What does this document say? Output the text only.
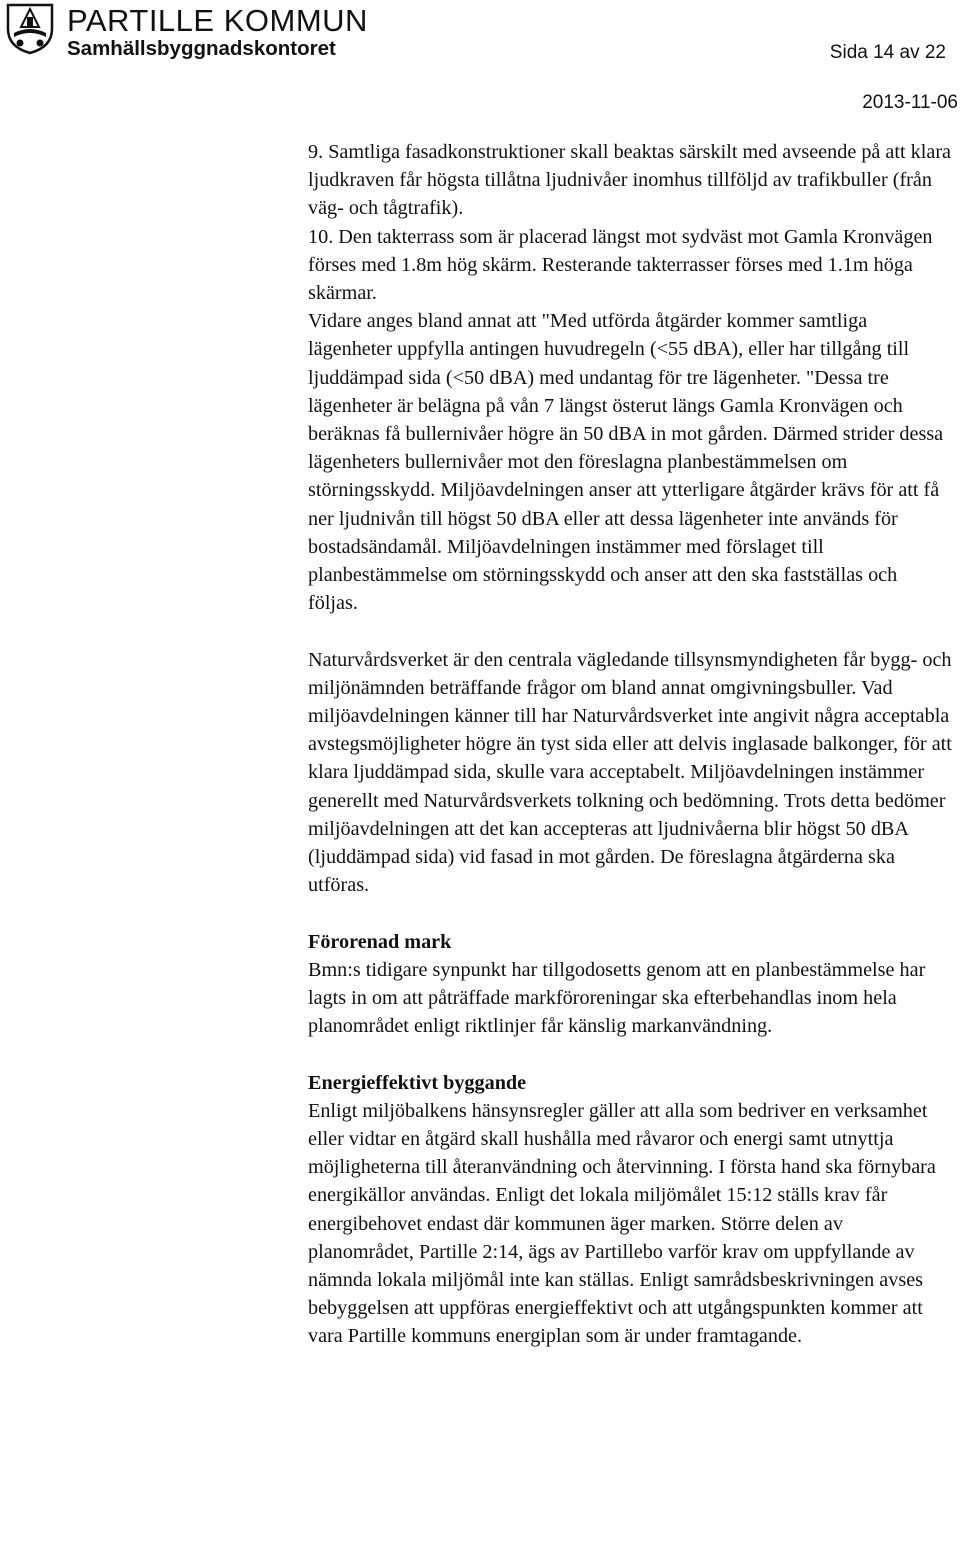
PARTILLE KOMMUN
Samhällsbyggnadskontoret	Sida 14 av 22
2013-11-06

9. Samtliga fasadkonstruktioner skall beaktas särskilt med avseende på att klara ljudkraven får högsta tillåtna ljudnivåer inomhus tillföljd av trafikbuller (från väg- och tågtrafik).

10. Den takterrass som är placerad längst mot sydväst mot Gamla Kronvägen förses med 1.8m hög skärm. Resterande takterrasser förses med 1.1m höga skärmar.

Vidare anges bland annat att "Med utförda åtgärder kommer samtliga lägenheter uppfylla antingen huvudregeln (<55 dBA), eller har tillgång till ljuddämpad sida (<50 dBA) med undantag för tre lägenheter. "Dessa tre lägenheter är belägna på vån 7 längst österut längs Gamla Kronvägen och beräknas få bullernivåer högre än 50 dBA in mot gården. Därmed strider dessa lägenheters bullernivåer mot den föreslagna planbestämmelsen om störningsskydd. Miljöavdelningen anser att ytterligare åtgärder krävs för att få ner ljudnivån till högst 50 dBA eller att dessa lägenheter inte används för bostadsändamål. Miljöavdelningen instämmer med förslaget till planbestämmelse om störningsskydd och anser att den ska fastställas och följas.

Naturvårdsverket är den centrala vägledande tillsynsmyndigheten får bygg- och miljönämnden beträffande frågor om bland annat omgivningsbuller. Vad miljöavdelningen känner till har Naturvårdsverket inte angivit några acceptabla avstegsmöjligheter högre än tyst sida eller att delvis inglasade balkonger, för att klara ljuddämpad sida, skulle vara acceptabelt. Miljöavdelningen instämmer generellt med Naturvårdsverkets tolkning och bedömning. Trots detta bedömer miljöavdelningen att det kan accepteras att ljudnivåerna blir högst 50 dBA (ljuddämpad sida) vid fasad in mot gården. De föreslagna åtgärderna ska utföras.

Förorenad mark

Bmn:s tidigare synpunkt har tillgodosetts genom att en planbestämmelse har lagts in om att påträffade markföroreningar ska efterbehandlas inom hela planområdet enligt riktlinjer får känslig markanvändning.

Energieffektivt byggande

Enligt miljöbalkens hänsynsregler gäller att alla som bedriver en verksamhet eller vidtar en åtgärd skall hushålla med råvaror och energi samt utnyttja möjligheterna till återanvändning och återvinning. I första hand ska förnybara energikällor användas. Enligt det lokala miljömålet 15:12 ställs krav får energibehovet endast där kommunen äger marken. Större delen av planområdet, Partille 2:14, ägs av Partillebo varför krav om uppfyllande av nämnda lokala miljömål inte kan ställas. Enligt samrådsbeskrivningen avses bebyggelsen att uppföras energieffektivt och att utgångspunkten kommer att vara Partille kommuns energiplan som är under framtagande.
